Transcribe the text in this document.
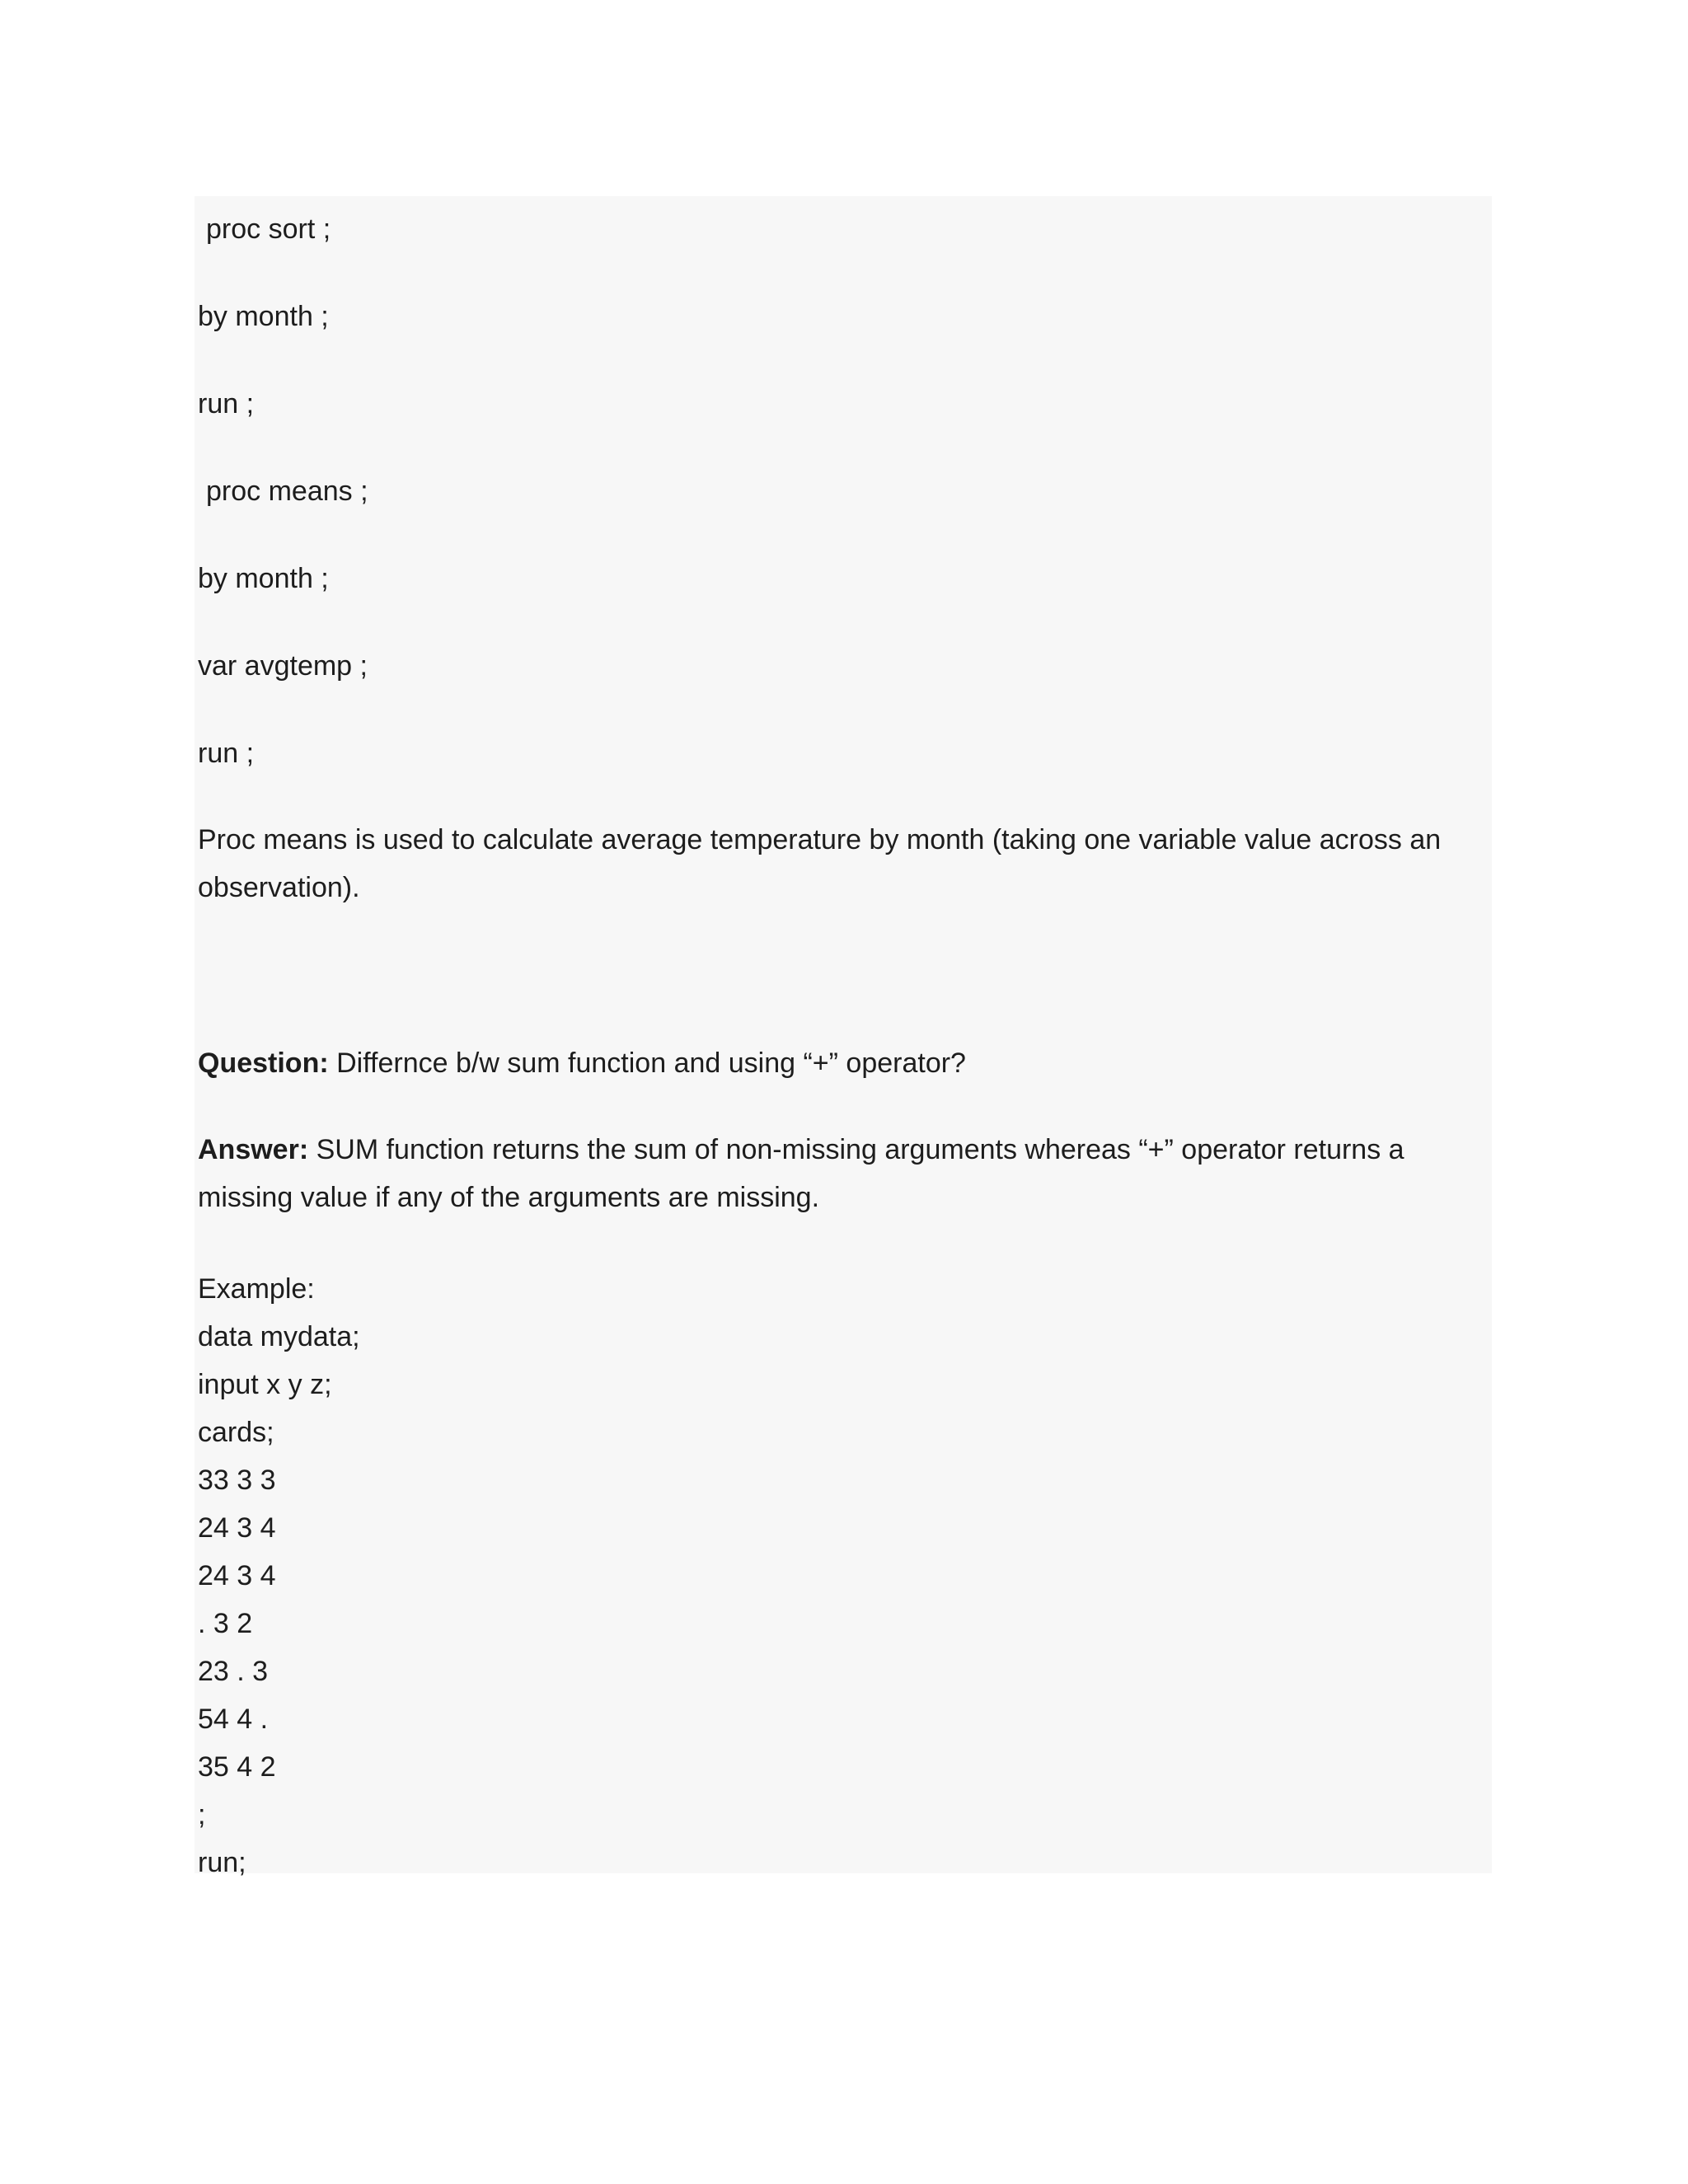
proc sort ;

by month ;

run ;

proc means ;

by month ;

var avgtemp ;

run ;

Proc means is used to calculate average temperature by month (taking one variable value across an observation).

Question: Differnce b/w sum function and using “+” operator?

Answer: SUM function returns the sum of non-missing arguments whereas “+” operator returns a missing value if any of the arguments are missing.

Example:

data mydata;

input x y z;

cards;

33 3 3

24 3 4

24 3 4

. 3 2

23 . 3

54 4 .

35 4 2

;

run;
